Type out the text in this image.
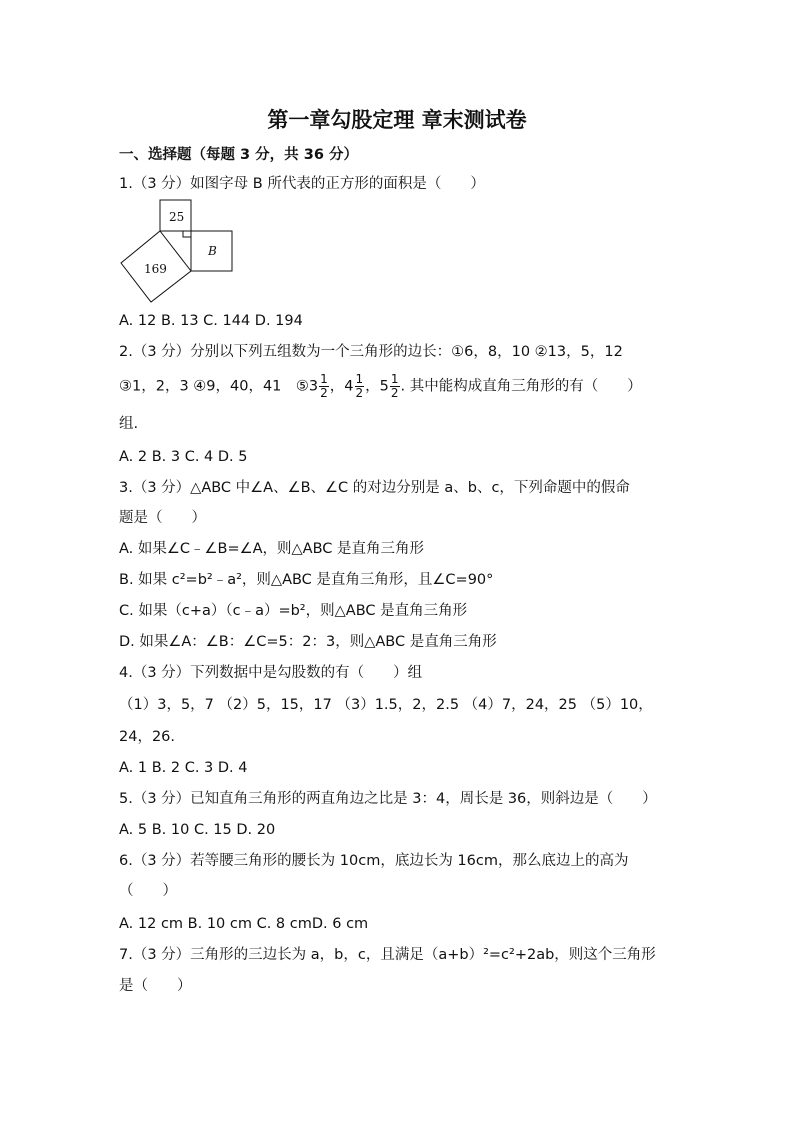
第一章勾股定理 章末测试卷
一、选择题（每题 3 分，共 36 分）
1.（3 分）如图字母 B 所代表的正方形的面积是（　　）
25
B
169
A. 12 B. 13 C. 144 D. 194
2.（3 分）分别以下列五组数为一个三角形的边长：①6，8，10 ②13，5，12
③1，2，3 ④9，40，41　⑤3 $\frac{1}{2}$ ，$4 \frac{1}{2}$ ，$5 \frac{1}{2}$ . 其中能构成直角三角形的有（　　）
组.
A. 2 B. 3 C. 4 D. 5
3.（3 分）△ABC 中∠A、∠B、∠C 的对边分别是 a、b、c，下列命题中的假命
题是（　　）
A. 如果∠C﹣∠B=∠A，则△ABC 是直角三角形
B. 如果 c²=b²﹣a²，则△ABC 是直角三角形，且∠C=90°
C. 如果（c+a）（c﹣a）=b²，则△ABC 是直角三角形
D. 如果∠A：∠B：∠C=5：2：3，则△ABC 是直角三角形
4.（3 分）下列数据中是勾股数的有（　　）组
（1）3，5，7 （2）5，15，17 （3）1.5，2，2.5 （4）7，24，25 （5）10，
24，26.
A. 1 B. 2 C. 3 D. 4
5.（3 分）已知直角三角形的两直角边之比是 3：4，周长是 36，则斜边是（　　）
A. 5 B. 10 C. 15 D. 20
6.（3 分）若等腰三角形的腰长为 10cm，底边长为 16cm，那么底边上的高为
（　　）
A. 12 cm B. 10 cm C. 8 cmD. 6 cm
7.（3 分）三角形的三边长为 a，b，c，且满足（a+b）²=c²+2ab，则这个三角形
是（　　）
